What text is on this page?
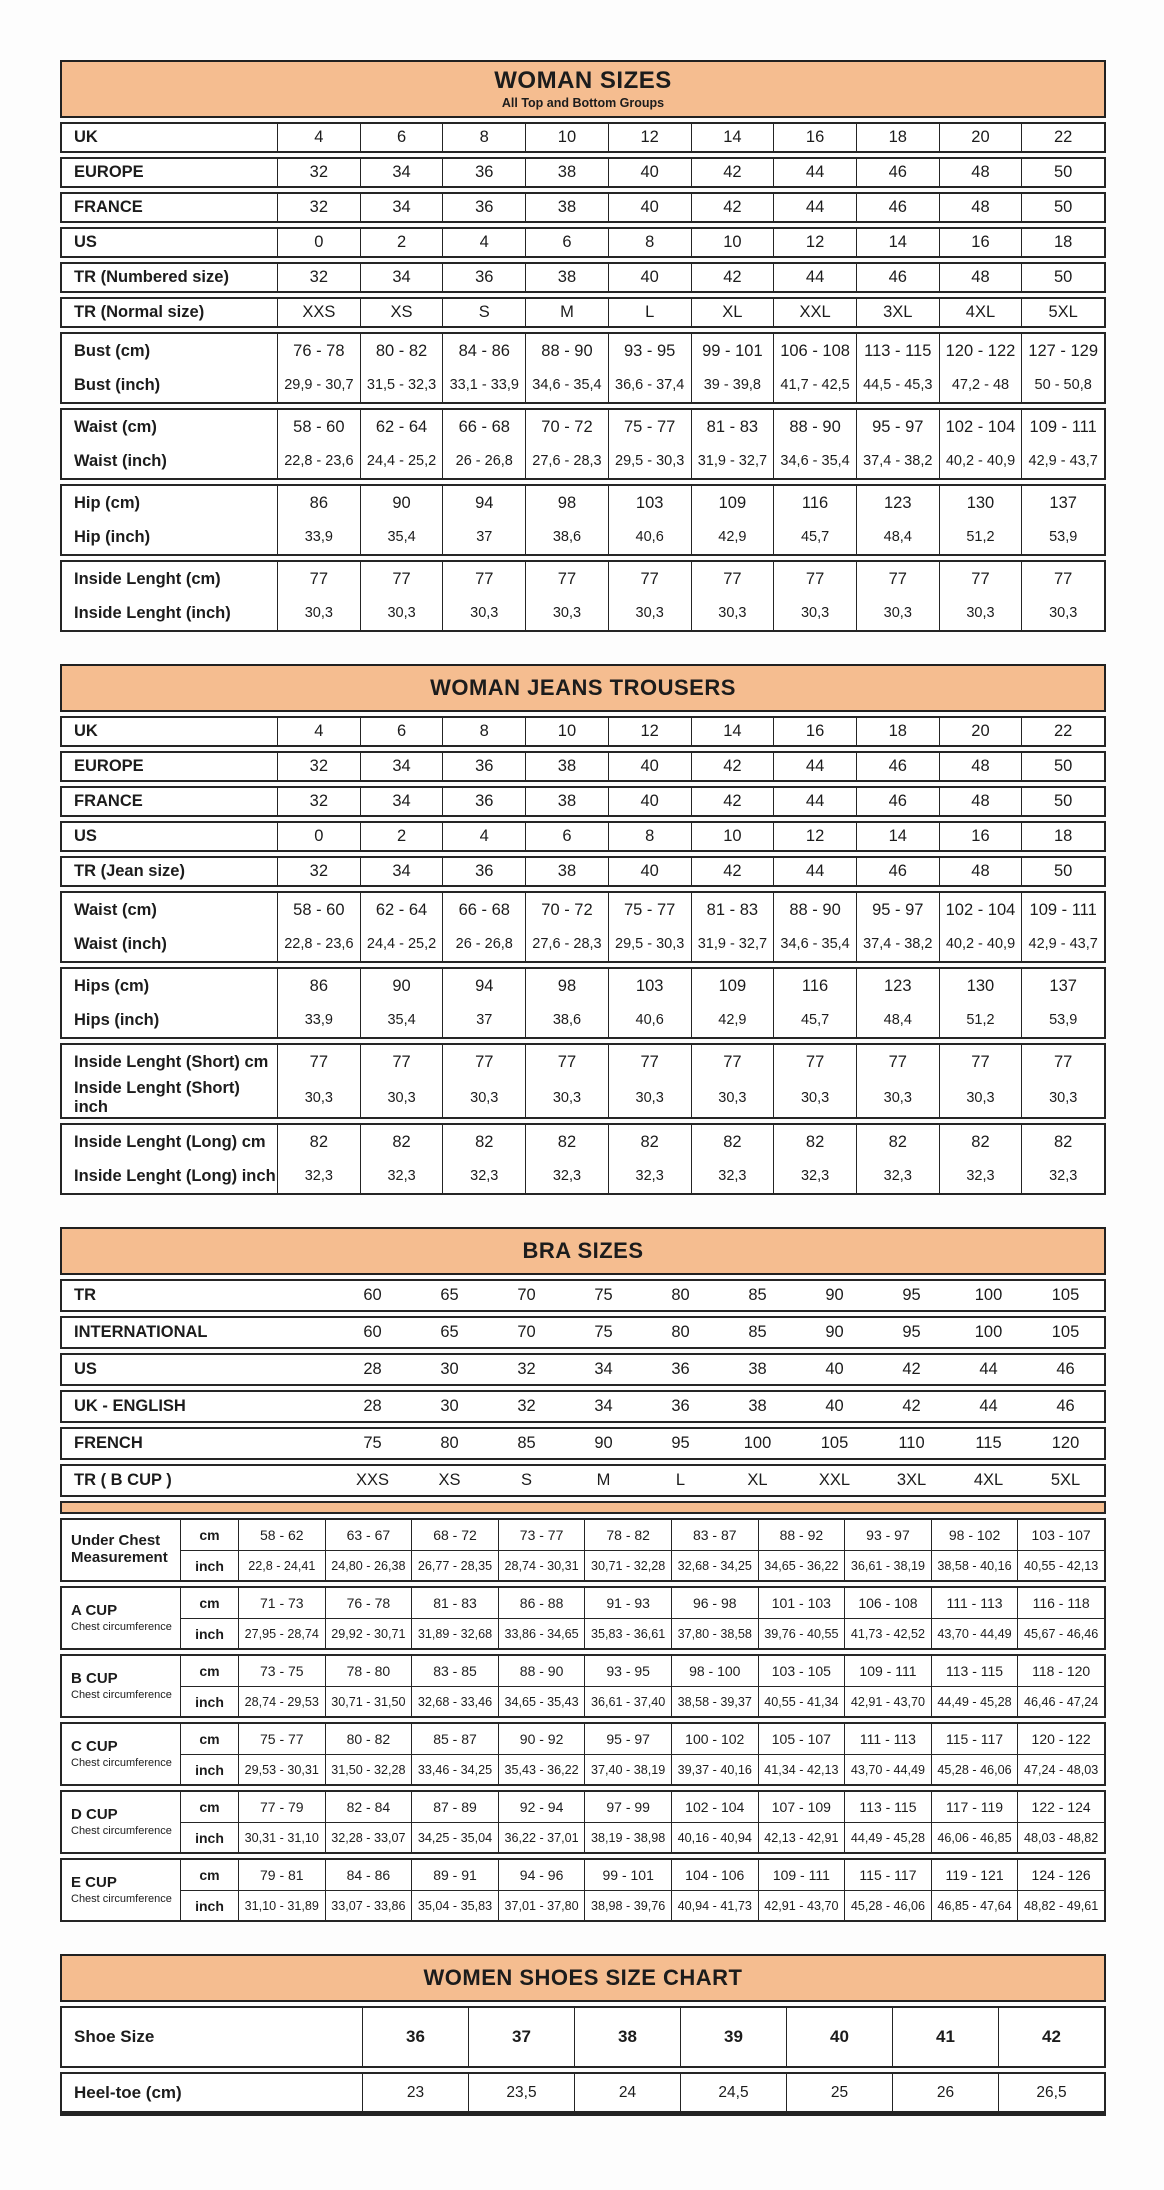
WOMAN SIZES
All Top and Bottom Groups
UK	4	6	8	10	12	14	16	18	20	22
EUROPE	32	34	36	38	40	42	44	46	48	50
FRANCE	32	34	36	38	40	42	44	46	48	50
US	0	2	4	6	8	10	12	14	16	18
TR (Numbered size)	32	34	36	38	40	42	44	46	48	50
TR (Normal size)	XXS	XS	S	M	L	XL	XXL	3XL	4XL	5XL
Bust (cm)	76 - 78	80 - 82	84 - 86	88 - 90	93 - 95	99 - 101	106 - 108 113 - 115 120 - 122 127 - 129
Bust (inch)	29,9 - 30,7 31,5 - 32,3 33,1 - 33,9 34,6 - 35,4 36,6 - 37,4	39 - 39,8	41,7 - 42,5 44,5 - 45,3	47,2 - 48	50 - 50,8
Waist (cm)	58 - 60	62 - 64	66 - 68	70 - 72	75 - 77	81 - 83	88 - 90	95 - 97	102 - 104 109 - 111
Waist (inch)	22,8 - 23,6 24,4 - 25,2	26 - 26,8	27,6 - 28,3 29,5 - 30,3 31,9 - 32,7 34,6 - 35,4 37,4 - 38,2 40,2 - 40,9 42,9 - 43,7
Hip (cm)	86	90	94	98	103	109	116	123	130	137
Hip (inch)	33,9	35,4	37	38,6	40,6	42,9	45,7	48,4	51,2	53,9
Inside Lenght (cm)	77	77	77	77	77	77	77	77	77	77
Inside Lenght (inch)	30,3	30,3	30,3	30,3	30,3	30,3	30,3	30,3	30,3	30,3
WOMAN JEANS TROUSERS
UK	4	6	8	10	12	14	16	18	20	22
EUROPE	32	34	36	38	40	42	44	46	48	50
FRANCE	32	34	36	38	40	42	44	46	48	50
US	0	2	4	6	8	10	12	14	16	18
TR (Jean size)	32	34	36	38	40	42	44	46	48	50
Waist (cm)	58 - 60	62 - 64	66 - 68	70 - 72	75 - 77	81 - 83	88 - 90	95 - 97	102 - 104 109 - 111
Waist (inch)	22,8 - 23,6 24,4 - 25,2	26 - 26,8	27,6 - 28,3 29,5 - 30,3 31,9 - 32,7 34,6 - 35,4 37,4 - 38,2 40,2 - 40,9 42,9 - 43,7
Hips (cm)	86	90	94	98	103	109	116	123	130	137
Hips (inch)	33,9	35,4	37	38,6	40,6	42,9	45,7	48,4	51,2	53,9
Inside Lenght (Short) cm	77	77	77	77	77	77	77	77	77	77
Inside Lenght (Short) inch	30,3	30,3	30,3	30,3	30,3	30,3	30,3	30,3	30,3	30,3
Inside Lenght (Long) cm	82	82	82	82	82	82	82	82	82	82
Inside Lenght (Long) inch	32,3	32,3	32,3	32,3	32,3	32,3	32,3	32,3	32,3	32,3
BRA SIZES
TR	60	65	70	75	80	85	90	95	100	105
INTERNATIONAL	60	65	70	75	80	85	90	95	100	105
US	28	30	32	34	36	38	40	42	44	46
UK - ENGLISH	28	30	32	34	36	38	40	42	44	46
FRENCH	75	80	85	90	95	100	105	110	115	120
TR ( B CUP )	XXS	XS	S	M	L	XL	XXL	3XL	4XL	5XL
Under Chest Measurement
cm	58 - 62	63 - 67	68 - 72	73 - 77	78 - 82	83 - 87	88 - 92	93 - 97	98 - 102	103 - 107
inch	22,8 - 24,41	24,80 - 26,38 26,77 - 28,35 28,74 - 30,31 30,71 - 32,28 32,68 - 34,25 34,65 - 36,22 36,61 - 38,19 38,58 - 40,16 40,55 - 42,13
A CUP
Chest circumference
cm	71 - 73	76 - 78	81 - 83	86 - 88	91 - 93	96 - 98	101 - 103	106 - 108	111 - 113	116 - 118
inch	27,95 - 28,74 29,92 - 30,71 31,89 - 32,68 33,86 - 34,65 35,83 - 36,61 37,80 - 38,58 39,76 - 40,55 41,73 - 42,52 43,70 - 44,49 45,67 - 46,46
B CUP
Chest circumference
cm	73 - 75	78 - 80	83 - 85	88 - 90	93 - 95	98 - 100	103 - 105	109 - 111	113 - 115	118 - 120
inch	28,74 - 29,53 30,71 - 31,50 32,68 - 33,46 34,65 - 35,43 36,61 - 37,40 38,58 - 39,37 40,55 - 41,34 42,91 - 43,70 44,49 - 45,28 46,46 - 47,24
C CUP
Chest circumference
cm	75 - 77	80 - 82	85 - 87	90 - 92	95 - 97	100 - 102	105 - 107	111 - 113	115 - 117	120 - 122
inch	29,53 - 30,31 31,50 - 32,28 33,46 - 34,25 35,43 - 36,22 37,40 - 38,19 39,37 - 40,16 41,34 - 42,13 43,70 - 44,49 45,28 - 46,06 47,24 - 48,03
D CUP
Chest circumference
cm	77 - 79	82 - 84	87 - 89	92 - 94	97 - 99	102 - 104	107 - 109	113 - 115	117 - 119	122 - 124
inch	30,31 - 31,10 32,28 - 33,07 34,25 - 35,04 36,22 - 37,01 38,19 - 38,98 40,16 - 40,94 42,13 - 42,91 44,49 - 45,28 46,06 - 46,85 48,03 - 48,82
E CUP
Chest circumference
cm	79 - 81	84 - 86	89 - 91	94 - 96	99 - 101	104 - 106	109 - 111	115 - 117	119 - 121	124 - 126
inch	31,10 - 31,89 33,07 - 33,86 35,04 - 35,83 37,01 - 37,80 38,98 - 39,76 40,94 - 41,73 42,91 - 43,70 45,28 - 46,06 46,85 - 47,64 48,82 - 49,61
WOMEN SHOES SIZE CHART
Shoe Size	36	37	38	39	40	41	42
Heel-toe (cm)	23	23,5	24	24,5	25	26	26,5
